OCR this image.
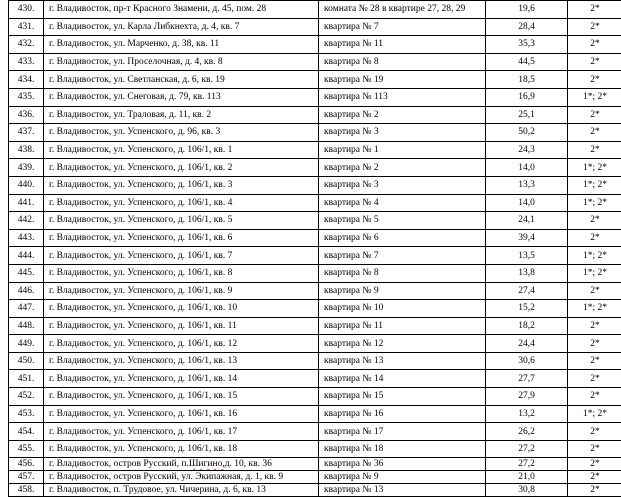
430. г. Владивосток, пр-т Красного Знамени, д. 45, пом. 28	комната № 28 в квартире 27, 28, 29	19,6	2*
431. г. Владивосток, ул. Карла Либкнехта, д. 4, кв. 7	квартира № 7	28,4	2*
432. г. Владивосток, ул. Марченко, д. 38, кв. 11	квартира № 11	35,3	2*
433. г. Владивосток, ул. Проселочная, д. 4, кв. 8	квартира № 8	44,5	2*
434. г. Владивосток, ул. Светланская, д. 6, кв. 19	квартира № 19	18,5	2*
435. г. Владивосток, ул. Снеговая, д. 79, кв. 113	квартира № 113	16,9	1*; 2*
436. г. Владивосток, ул. Траловая, д. 11, кв. 2	квартира № 2	25,1	2*
437. г. Владивосток, ул. Успенского, д. 96, кв. 3	квартира № 3	50,2	2*
438. г. Владивосток, ул. Успенского, д. 106/1, кв. 1	квартира № 1	24,3	2*
439. г. Владивосток, ул. Успенского, д. 106/1, кв. 2	квартира № 2	14,0	1*; 2*
440. г. Владивосток, ул. Успенского, д. 106/1, кв. 3	квартира № 3	13,3	1*; 2*
441. г. Владивосток, ул. Успенского, д. 106/1, кв. 4	квартира № 4	14,0	1*; 2*
442. г. Владивосток, ул. Успенского, д. 106/1, кв. 5	квартира № 5	24,1	2*
443. г. Владивосток, ул. Успенского, д. 106/1, кв. 6	квартира № 6	39,4	2*
444. г. Владивосток, ул. Успенского, д. 106/1, кв. 7	квартира № 7	13,5	1*; 2*
445. г. Владивосток, ул. Успенского, д. 106/1, кв. 8	квартира № 8	13,8	1*; 2*
446. г. Владивосток, ул. Успенского, д. 106/1, кв. 9	квартира № 9	27,4	2*
447. г. Владивосток, ул. Успенского, д. 106/1, кв. 10	квартира № 10	15,2	1*; 2*
448. г. Владивосток, ул. Успенского, д. 106/1, кв. 11	квартира № 11	18,2	2*
449. г. Владивосток, ул. Успенского, д. 106/1, кв. 12	квартира № 12	24,4	2*
450. г. Владивосток, ул. Успенского, д. 106/1, кв. 13	квартира № 13	30,6	2*
451. г. Владивосток, ул. Успенского, д. 106/1, кв. 14	квартира № 14	27,7	2*
452. г. Владивосток, ул. Успенского, д. 106/1, кв. 15	квартира № 15	27,9	2*
453. г. Владивосток, ул. Успенского, д. 106/1, кв. 16	квартира № 16	13,2	1*; 2*
454. г. Владивосток, ул. Успенского, д. 106/1, кв. 17	квартира № 17	26,2	2*
455. г. Владивосток, ул. Успенского, д. 106/1, кв. 18	квартира № 18	27,2	2*
456. г. Владивосток, остров Русский, п. Шигино, д. 10, кв. 36	квартира № 36	27,2	2*
457. г. Владивосток, остров Русский, ул. Экипажная, д. 1, кв. 9	квартира № 9	21,0	2*
458. г. Владивосток, п. Трудовое, ул. Чичерина, д. 6, кв. 13	квартира № 13	30,8	2*
